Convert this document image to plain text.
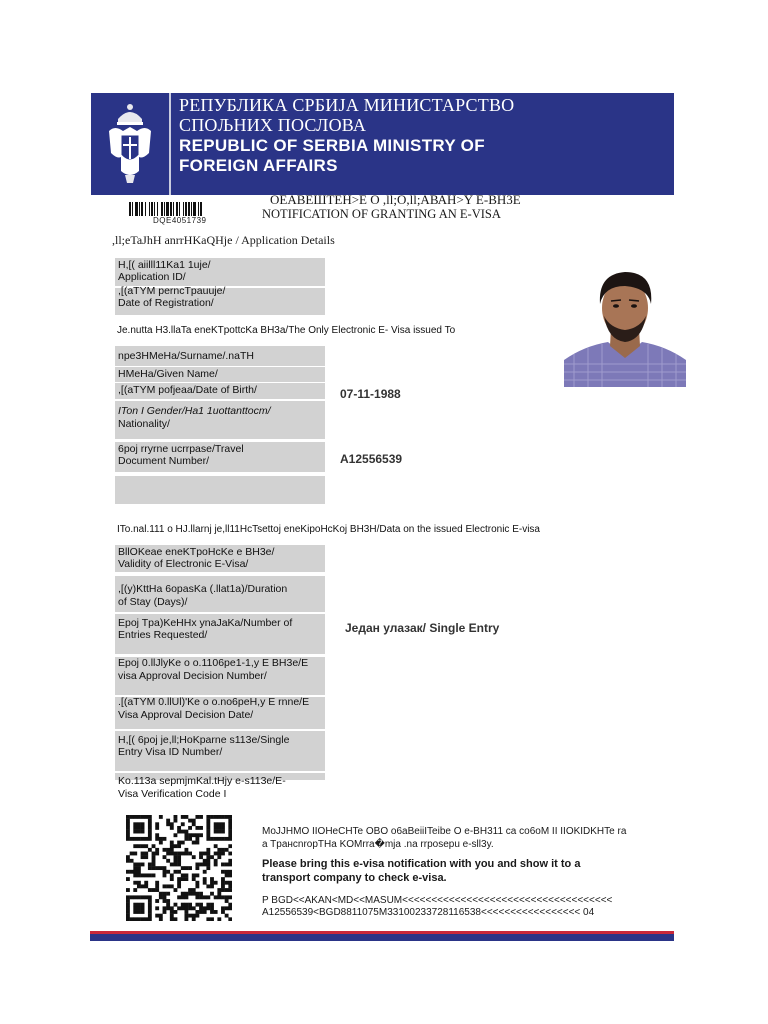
РЕПУБЛИКА СРБИЈА МИНИСТАРСТВО
СПОЉНИХ ПОСЛОВА
REPUBLIC OF SERBIA MINISTRY OF
FOREIGN AFFAIRS
DQE4051739
ОЕАВЕШТЕН>Е О ,ll;О,ll;АВАН>Y Е-ВН3Е
NOTIFICATION OF GRANTING AN E-VISA
,ll;eTaJhH anrrHKaQHje / Application Details
H,[( aiilll11Ka1 1uje/
Application ID/
,[(aTYM perncTpauuje/
Date of Registration/
Je.nutta H3.llaTa eneKTpottcKa BH3a/The Only Electronic E- Visa issued To
npe3HMeHa/Surname/.naTH
HMeHa/Given Name/
,[(aTYM pofjeaa/Date of Birth/	07-11-1988
ITon I Gender/Ha1 1uottanttocm/
Nationality/
6poj rryrne ucrrpase/Travel
Document Number/	A12556539
ITo.nal.111 o HJ.llarnj je,ll11HcTsettoj eneKipoHcKoj BH3H/Data on the issued Electronic E-visa
BllOKeae eneKTpoHcKe e BH3e/
Validity of Electronic E-Visa/
,[(y)KttHa 6opasKa (.llat1a)/Duration
of Stay (Days)/
Epoj Tpa)KeHHx ynaJaKa/Number of
Entries Requested/	Један улазак/ Single Entry
Epoj 0.llJlyKe o o.1106pe1-1,y E BH3e/E
visa Approval Decision Number/
.[(aTYM 0.llUl)'Ke o o.no6peH,y E rnne/E
Visa Approval Decision Date/
H,[( 6poj je,ll;HoKparne s113e/Single
Entry Visa ID Number/
Ko.113a sepmjmKal.tHjy e-s113e/E-
Visa Verification Code I
MoJJHMO IIOHeCHTe OBO o6aBeiiITeibe O e-BH311 ca co6oM II IIOKIDKHTe ra
a TpaнcnropTHa KOMrra�mja .na rrposepu e-sll3y.
Please bring this e-visa notification with you and show it to a
transport company to check e-visa.
P BGD<<AKAN<MD<<MASUM<<<<<<<<<<<<<<<<<<<<<<<<<<<<<<<<<<<<
A12556539<BGD8811075M33100233728116538<<<<<<<<<<<<<<<<< 04
